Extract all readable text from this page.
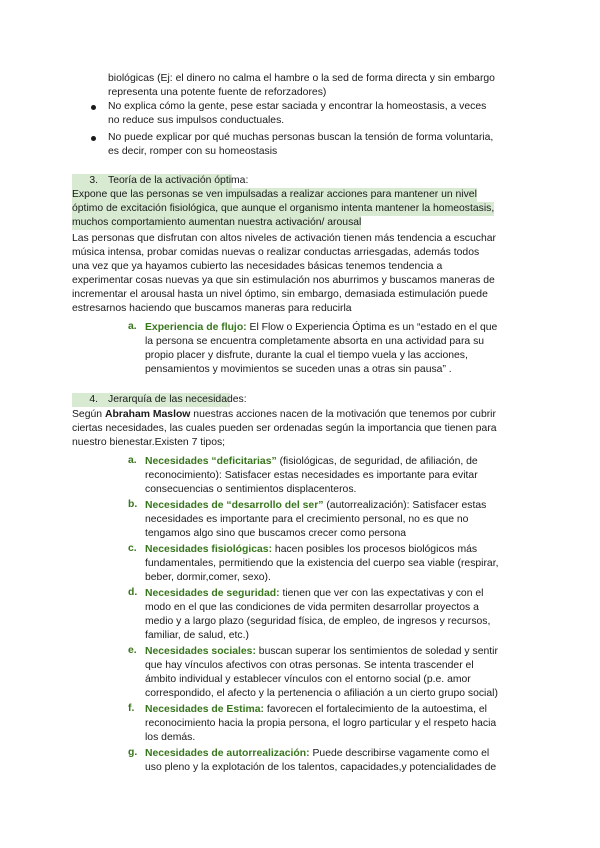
biológicas (Ej: el dinero no calma el hambre o la sed de forma directa y sin embargo
representa una potente fuente de reforzadores)
No explica cómo la gente, pese estar saciada y encontrar la homeostasis, a veces
no reduce sus impulsos conductuales.
No puede explicar por qué muchas personas buscan la tensión de forma voluntaria,
es decir, romper con su homeostasis
3. Teoría de la activación óptima:
Expone que las personas se ven impulsadas a realizar acciones para mantener un nivel
óptimo de excitación fisiológica, que aunque el organismo intenta mantener la homeostasis,
muchos comportamiento aumentan nuestra activación/ arousal
Las personas que disfrutan con altos niveles de activación tienen más tendencia a escuchar
música intensa, probar comidas nuevas o realizar conductas arriesgadas, además todos
una vez que ya hayamos cubierto las necesidades básicas tenemos tendencia a
experimentar cosas nuevas ya que sin estimulación nos aburrimos y buscamos maneras de
incrementar el arousal hasta un nivel óptimo, sin embargo, demasiada estimulación puede
estresarnos haciendo que buscamos maneras para reducirla
a. Experiencia de flujo: El Flow o Experiencia Óptima es un “estado en el que
la persona se encuentra completamente absorta en una actividad para su
propio placer y disfrute, durante la cual el tiempo vuela y las acciones,
pensamientos y movimientos se suceden unas a otras sin pausa” .
4. Jerarquía de las necesidades:
Según Abraham Maslow nuestras acciones nacen de la motivación que tenemos por cubrir
ciertas necesidades, las cuales pueden ser ordenadas según la importancia que tienen para
nuestro bienestar.Existen 7 tipos;
a. Necesidades “deficitarias” (fisiológicas, de seguridad, de afiliación, de
reconocimiento): Satisfacer estas necesidades es importante para evitar
consecuencias o sentimientos displacenteros.
b. Necesidades de “desarrollo del ser” (autorrealización): Satisfacer estas
necesidades es importante para el crecimiento personal, no es que no
tengamos algo sino que buscamos crecer como persona
c. Necesidades fisiológicas: hacen posibles los procesos biológicos más
fundamentales, permitiendo que la existencia del cuerpo sea viable (respirar,
beber, dormir,comer, sexo).
d. Necesidades de seguridad: tienen que ver con las expectativas y con el
modo en el que las condiciones de vida permiten desarrollar proyectos a
medio y a largo plazo (seguridad física, de empleo, de ingresos y recursos,
familiar, de salud, etc.)
e. Necesidades sociales: buscan superar los sentimientos de soledad y sentir
que hay vínculos afectivos con otras personas. Se intenta trascender el
ámbito individual y establecer vínculos con el entorno social (p.e. amor
correspondido, el afecto y la pertenencia o afiliación a un cierto grupo social)
f. Necesidades de Estima: favorecen el fortalecimiento de la autoestima, el
reconocimiento hacia la propia persona, el logro particular y el respeto hacia
los demás.
g. Necesidades de autorrealización: Puede describirse vagamente como el
uso pleno y la explotación de los talentos, capacidades,y potencialidades de
